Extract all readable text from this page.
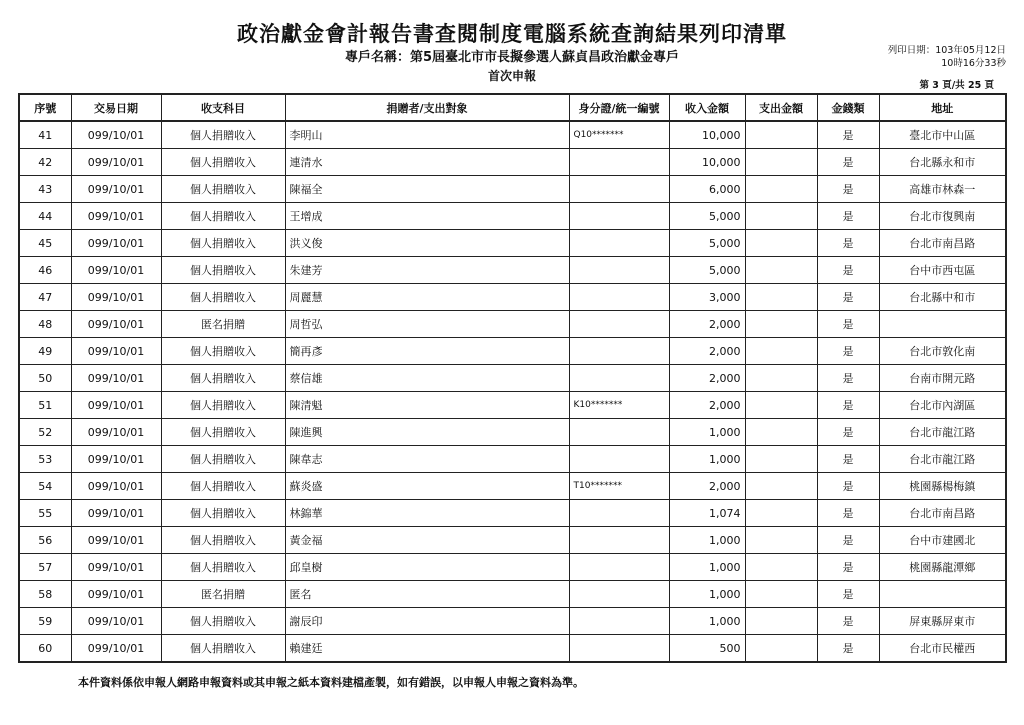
政治獻金會計報告書查閱制度電腦系統查詢結果列印清單
專戶名稱：第5屆臺北市市長擬參選人蘇貞昌政治獻金專戶
首次申報
列印日期：103年05月12日
10時16分33秒
第 3 頁/共 25 頁
序號	交易日期	收支科目	捐贈者/支出對象	身分證/統一編號	收入金額	支出金額	金錢類	地址
41	099/10/01	個人捐贈收入	李明山	Q10*******	10,000		是	臺北市中山區
42	099/10/01	個人捐贈收入	連清水		10,000		是	台北縣永和市
43	099/10/01	個人捐贈收入	陳福全		6,000		是	高雄市林森一
44	099/10/01	個人捐贈收入	王增成		5,000		是	台北市復興南
45	099/10/01	個人捐贈收入	洪义俊		5,000		是	台北市南昌路
46	099/10/01	個人捐贈收入	朱建芳		5,000		是	台中市西屯區
47	099/10/01	個人捐贈收入	周麗慧		3,000		是	台北縣中和市
48	099/10/01	匿名捐贈	周哲弘		2,000		是	
49	099/10/01	個人捐贈收入	簡再彥		2,000		是	台北市敦化南
50	099/10/01	個人捐贈收入	蔡信雄		2,000		是	台南市開元路
51	099/10/01	個人捐贈收入	陳清魁	K10*******	2,000		是	台北市內湖區
52	099/10/01	個人捐贈收入	陳進興		1,000		是	台北市龍江路
53	099/10/01	個人捐贈收入	陳韋志		1,000		是	台北市龍江路
54	099/10/01	個人捐贈收入	蘇炎盛	T10*******	2,000		是	桃園縣楊梅鎮
55	099/10/01	個人捐贈收入	林錦華		1,074		是	台北市南昌路
56	099/10/01	個人捐贈收入	黃金福		1,000		是	台中市建國北
57	099/10/01	個人捐贈收入	邱皇樹		1,000		是	桃園縣龍潭鄉
58	099/10/01	匿名捐贈	匿名		1,000		是	
59	099/10/01	個人捐贈收入	謝辰印		1,000		是	屏東縣屏東市
60	099/10/01	個人捐贈收入	賴建廷		500		是	台北市民權西
本件資料係依申報人網路申報資料或其申報之紙本資料建檔產製，如有錯誤，以申報人申報之資料為準。
